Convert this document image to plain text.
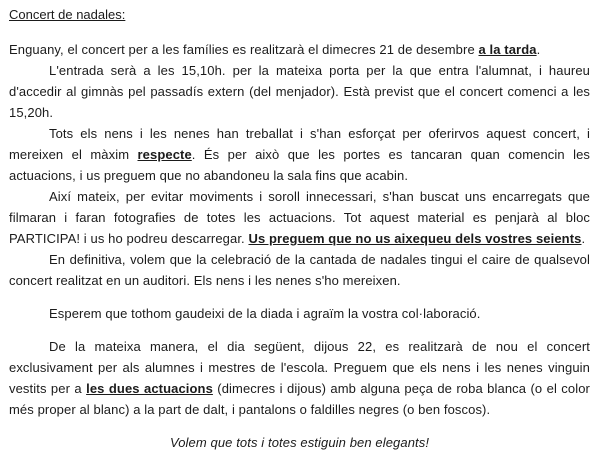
Concert de nadales:

Enguany, el concert per a les famílies es realitzarà el dimecres 21 de desembre a la tarda.

L'entrada serà a les 15,10h. per la mateixa porta per la que entra l'alumnat, i haureu d'accedir al gimnàs pel passadís extern (del menjador). Està previst que el concert comenci a les 15,20h.

Tots els nens i les nenes han treballat i s'han esforçat per oferirvos aquest concert, i mereixen el màxim respecte. És per això que les portes es tancaran quan comencin les actuacions, i us preguem que no abandoneu la sala fins que acabin.

Així mateix, per evitar moviments i soroll innecessari, s'han buscat uns encarregats que filmaran i faran fotografies de totes les actuacions. Tot aquest material es penjarà al bloc PARTICIPA! i us ho podreu descarregar. Us preguem que no us aixequeu dels vostres seients.

En definitiva, volem que la celebració de la cantada de nadales tingui el caire de qualsevol concert realitzat en un auditori. Els nens i les nenes s'ho mereixen.

Esperem que tothom gaudeixi de la diada i agraïm la vostra col·laboració.

De la mateixa manera, el dia següent, dijous 22, es realitzarà de nou el concert exclusivament per als alumnes i mestres de l'escola. Preguem que els nens i les nenes vinguin vestits per a les dues actuacions (dimecres i dijous) amb alguna peça de roba blanca (o el color més proper al blanc) a la part de dalt, i pantalons o faldilles negres (o ben foscos).

Volem que tots i totes estiguin ben elegants!
